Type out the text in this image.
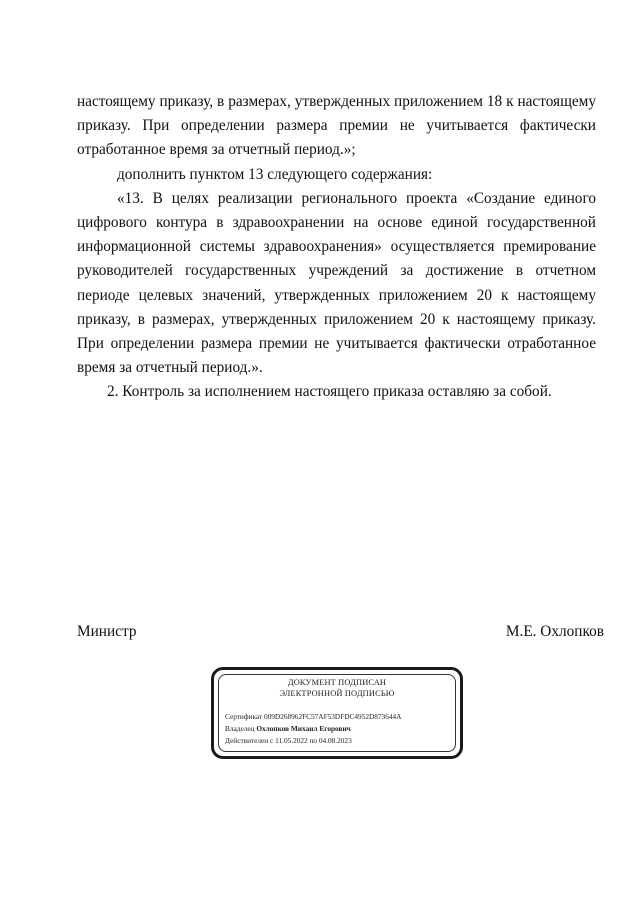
настоящему приказу, в размерах, утвержденных приложением 18 к настоящему
приказу. При определении размера премии не учитывается фактически
отработанное время за отчетный период.»;
дополнить пунктом 13 следующего содержания:
«13. В целях реализации регионального проекта «Создание единого
цифрового контура в здравоохранении на основе единой государственной
информационной системы здравоохранения» осуществляется премирование
руководителей государственных учреждений за достижение в отчетном
периоде целевых значений, утвержденных приложением 20 к настоящему
приказу, в размерах, утвержденных приложением 20 к настоящему приказу.
При определении размера премии не учитывается фактически отработанное
время за отчетный период.».
2. Контроль за исполнением настоящего приказа оставляю за собой.
Министр	М.Е. Охлопков
ДОКУМЕНТ ПОДПИСАН
ЭЛЕКТРОННОЙ ПОДПИСЬЮ
Сертификат 009D268962FC57AF53DFDC4952D873644A
Владелец Охлопков Михаил Егорович
Действителен с 11.05.2022 по 04.08.2023
